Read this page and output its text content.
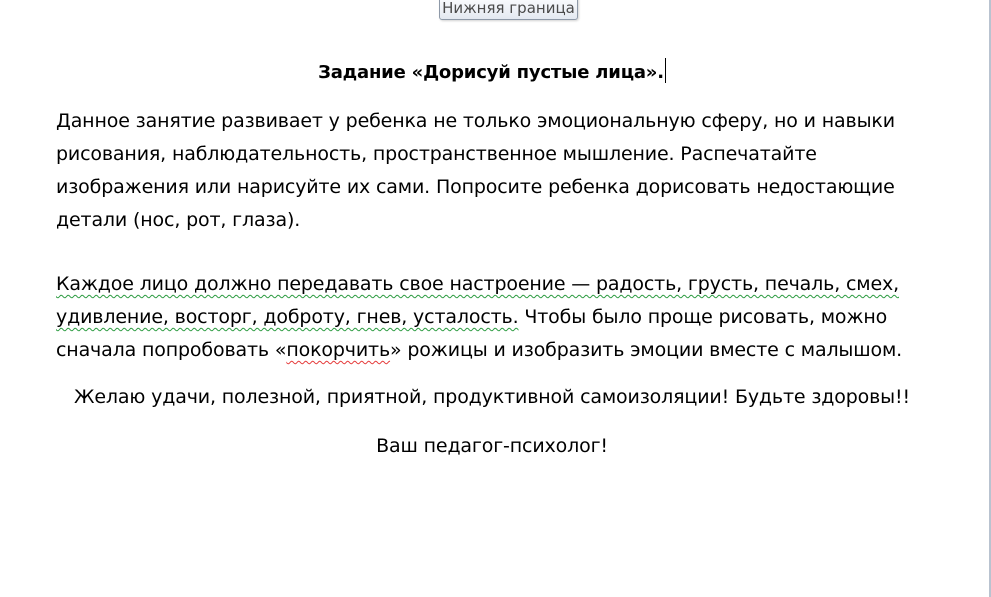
Нижняя граница
Задание «Дорисуй пустые лица».
Данное занятие развивает у ребенка не только эмоциональную сферу, но и навыки
рисования, наблюдательность, пространственное мышление. Распечатайте
изображения или нарисуйте их сами. Попросите ребенка дорисовать недостающие
детали (нос, рот, глаза).
Каждое лицо должно передавать свое настроение — радость, грусть, печаль, смех,
удивление, восторг, доброту, гнев, усталость. Чтобы было проще рисовать, можно
сначала попробовать «покорчить» рожицы и изобразить эмоции вместе с малышом.
Желаю удачи, полезной, приятной, продуктивной самоизоляции! Будьте здоровы!!
Ваш педагог-психолог!
